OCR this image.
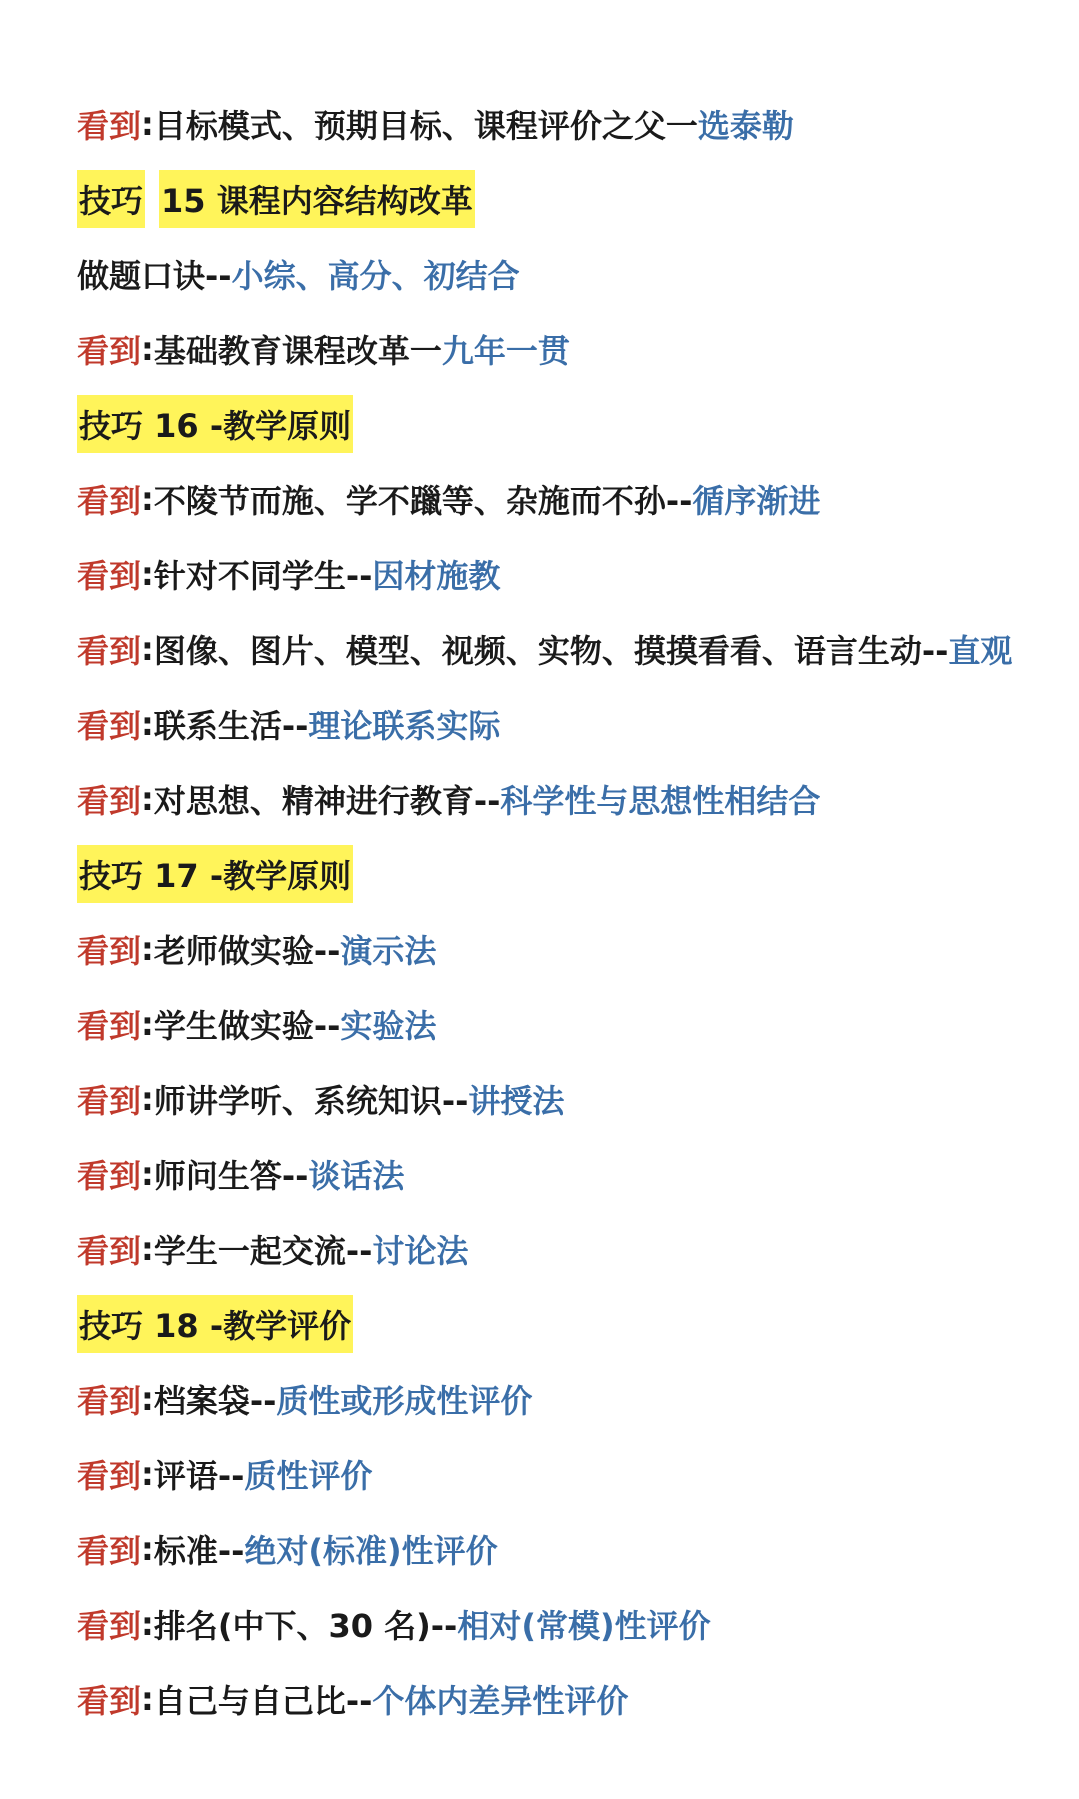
看到 : 目标模式、预期目标、课程评价之父一 选泰勒
技巧 15 课程内容结构改革
做题口诀-- 小综、高分、初结合
看到 : 基础教育课程改革一 九年一贯
技巧 16 -教学原则
看到 : 不陵节而施、学不躐等、杂施而不孙-- 循序渐进
看到 : 针对不同学生-- 因材施教
看到 : 图像、图片、模型、视频、实物、摸摸看看、语言生动-- 直观
看到 : 联系生活-- 理论联系实际
看到 : 对思想、精神进行教育-- 科学性与思想性相结合
技巧 17 -教学原则
看到 : 老师做实验-- 演示法
看到 : 学生做实验-- 实验法
看到 : 师讲学听、系统知识-- 讲授法
看到 : 师问生答-- 谈话法
看到 : 学生一起交流-- 讨论法
技巧 18 -教学评价
看到 : 档案袋-- 质性或形成性评价
看到 : 评语-- 质性评价
看到 : 标准-- 绝对(标准)性评价
看到 : 排名(中下、30 名)-- 相对(常模)性评价
看到 : 自己与自己比-- 个体内差异性评价
